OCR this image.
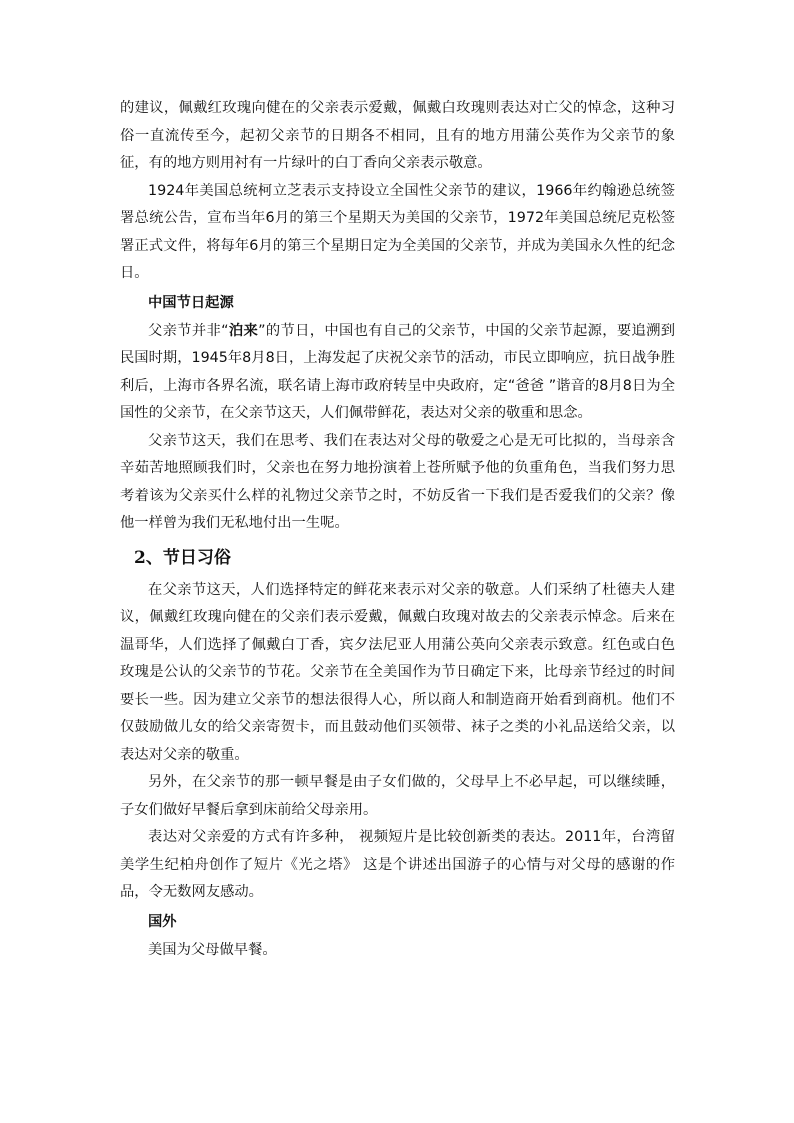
的建议，佩戴红玫瑰向健在的父亲表示爱戴，佩戴白玫瑰则表达对亡父的悼念，这种习俗一直流传至今，起初父亲节的日期各不相同，且有的地方用蒲公英作为父亲节的象征，有的地方则用衬有一片绿叶的白丁香向父亲表示敬意。

1924年美国总统柯立芝表示支持设立全国性父亲节的建议，1966年约翰逊总统签署总统公告，宣布当年6月的第三个星期天为美国的父亲节，1972年美国总统尼克松签署正式文件，将每年6月的第三个星期日定为全美国的父亲节，并成为美国永久性的纪念日。

中国节日起源

父亲节并非“泊来”的节日，中国也有自己的父亲节，中国的父亲节起源，要追溯到民国时期，1945年8月8日，上海发起了庆祝父亲节的活动，市民立即响应，抗日战争胜利后，上海市各界名流，联名请上海市政府转呈中央政府，定“爸爸 ”谐音的8月8日为全国性的父亲节，在父亲节这天，人们佩带鲜花，表达对父亲的敬重和思念。

父亲节这天，我们在思考、我们在表达对父母的敬爱之心是无可比拟的，当母亲含辛茹苦地照顾我们时，父亲也在努力地扮演着上苍所赋予他的负重角色，当我们努力思考着该为父亲买什么样的礼物过父亲节之时，不妨反省一下我们是否爱我们的父亲？像他一样曾为我们无私地付出一生呢。

2、节日习俗

在父亲节这天，人们选择特定的鲜花来表示对父亲的敬意。人们采纳了杜德夫人建议，佩戴红玫瑰向健在的父亲们表示爱戴，佩戴白玫瑰对故去的父亲表示悼念。后来在温哥华，人们选择了佩戴白丁香，宾夕法尼亚人用蒲公英向父亲表示致意。红色或白色玫瑰是公认的父亲节的节花。父亲节在全美国作为节日确定下来，比母亲节经过的时间要长一些。因为建立父亲节的想法很得人心，所以商人和制造商开始看到商机。他们不仅鼓励做儿女的给父亲寄贺卡，而且鼓动他们买领带、袜子之类的小礼品送给父亲，以表达对父亲的敬重。

另外，在父亲节的那一顿早餐是由子女们做的，父母早上不必早起，可以继续睡，子女们做好早餐后拿到床前给父母亲用。

表达对父亲爱的方式有许多种， 视频短片是比较创新类的表达。2011年，台湾留美学生纪柏舟创作了短片《光之塔》 这是个讲述出国游子的心情与对父母的感谢的作品，令无数网友感动。

国外

美国为父母做早餐。
